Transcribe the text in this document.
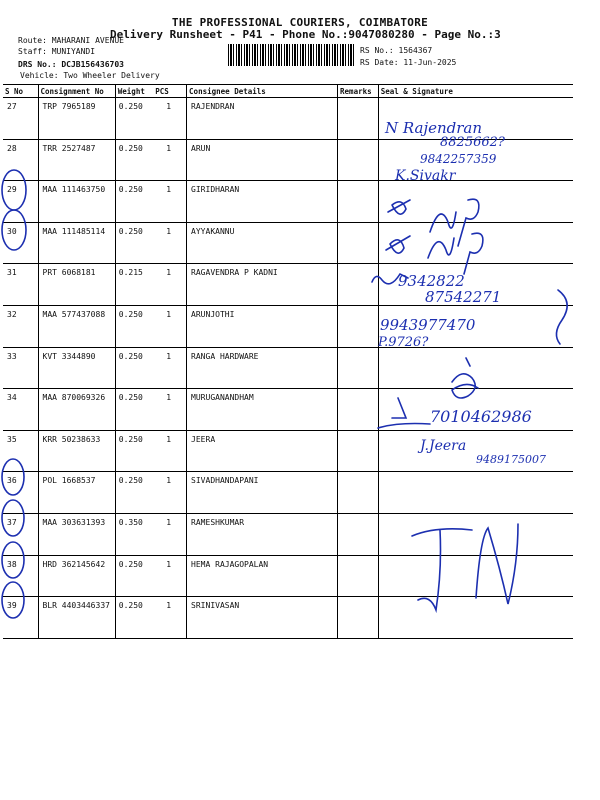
THE PROFESSIONAL COURIERS, COIMBATORE
Delivery Runsheet - P41 - Phone No.:9047080280 - Page No.:3
Route: MAHARANI AVENUE
Staff: MUNIYANDI
DRS No.: DCJB156436703
Vehicle: Two Wheeler Delivery
RS No.: 1564367
RS Date: 11-Jun-2025
S No	Consignment No	Weight	PCS	Consignee Details	Remarks	Seal & Signature
27	TRP 7965189	0.250	1	RAJENDRAN		
28	TRR 2527487	0.250	1	ARUN		
29	MAA 111463750	0.250	1	GIRIDHARAN		
30	MAA 111485114	0.250	1	AYYAKANNU		
31	PRT 6068181	0.215	1	RAGAVENDRA P KADNI		
32	MAA 577437088	0.250	1	ARUNJOTHI		
33	KVT 3344890	0.250	1	RANGA HARDWARE		
34	MAA 870069326	0.250	1	MURUGANANDHAM		
35	KRR 50238633	0.250	1	JEERA		
36	POL 1668537	0.250	1	SIVADHANDAPANI		
37	MAA 303631393	0.350	1	RAMESHKUMAR		
38	HRD 362145642	0.250	1	HEMA RAJAGOPALAN		
39	BLR 4403446337	0.250	1	SRINIVASAN		
N Rajendran
8825662?
9842257359
K.Sivakr
9342822
87542271
9943977470
P.9726?
7010462986
J.Jeera
9489175007
